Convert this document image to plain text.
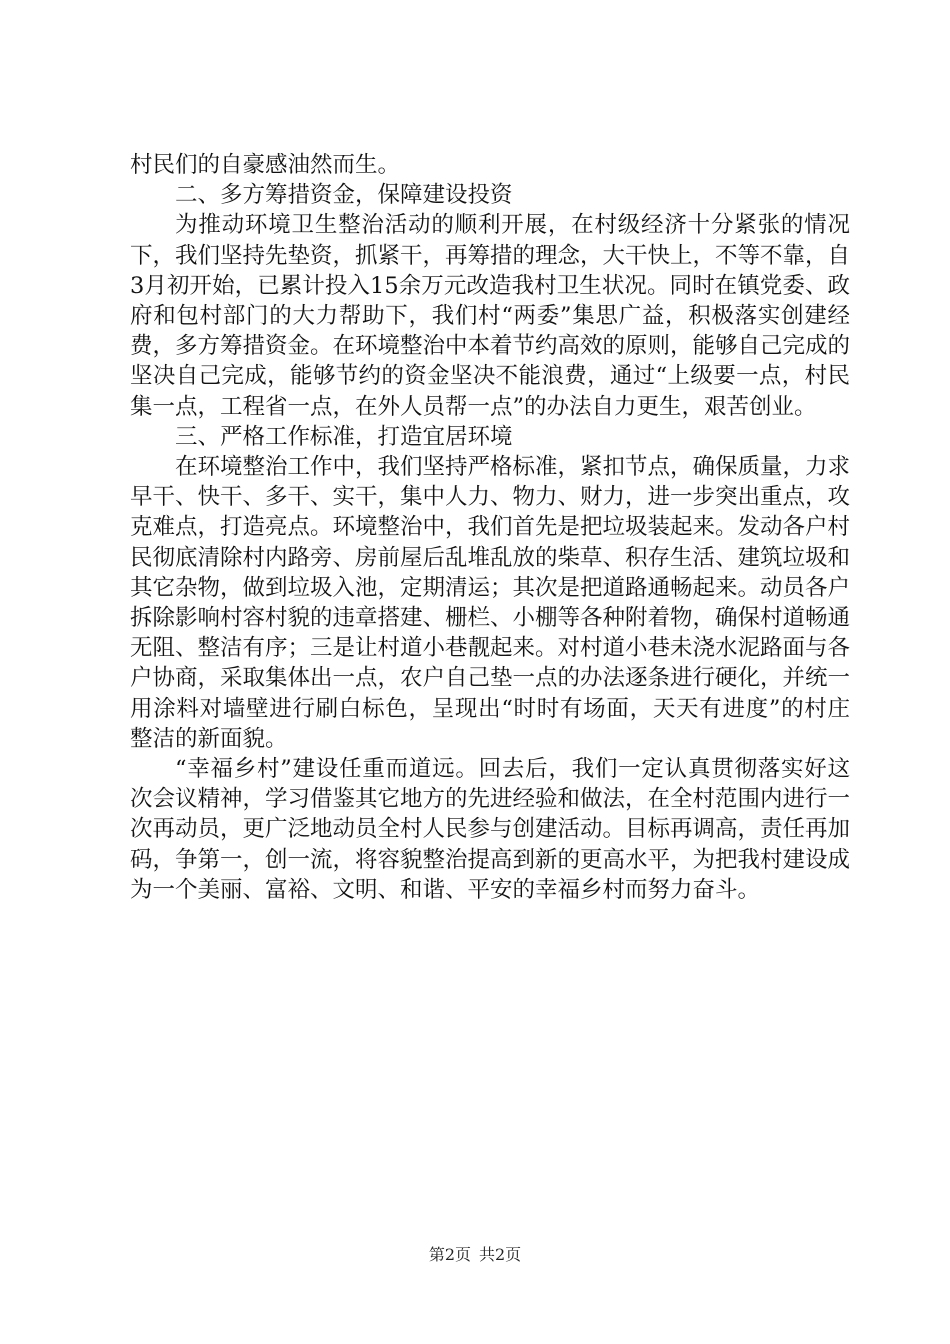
村民们的自豪感油然而生。

二、多方筹措资金，保障建设投资

为推动环境卫生整治活动的顺利开展，在村级经济十分紧张的情况下，我们坚持先垫资，抓紧干，再筹措的理念，大干快上，不等不靠，自3月初开始，已累计投入15余万元改造我村卫生状况。同时在镇党委、政府和包村部门的大力帮助下，我们村“两委”集思广益，积极落实创建经费，多方筹措资金。在环境整治中本着节约高效的原则，能够自己完成的坚决自己完成，能够节约的资金坚决不能浪费，通过“上级要一点，村民集一点，工程省一点，在外人员帮一点”的办法自力更生，艰苦创业。

三、严格工作标准，打造宜居环境

在环境整治工作中，我们坚持严格标准，紧扣节点，确保质量，力求早干、快干、多干、实干，集中人力、物力、财力，进一步突出重点，攻克难点，打造亮点。环境整治中，我们首先是把垃圾装起来。发动各户村民彻底清除村内路旁、房前屋后乱堆乱放的柴草、积存生活、建筑垃圾和其它杂物，做到垃圾入池，定期清运；其次是把道路通畅起来。动员各户拆除影响村容村貌的违章搭建、栅栏、小棚等各种附着物，确保村道畅通无阻、整洁有序；三是让村道小巷靓起来。对村道小巷未浇水泥路面与各户协商，采取集体出一点，农户自己垫一点的办法逐条进行硬化，并统一用涂料对墙壁进行刷白标色，呈现出“时时有场面，天天有进度”的村庄整洁的新面貌。

“幸福乡村”建设任重而道远。回去后，我们一定认真贯彻落实好这次会议精神，学习借鉴其它地方的先进经验和做法，在全村范围内进行一次再动员，更广泛地动员全村人民参与创建活动。目标再调高，责任再加码，争第一，创一流，将容貌整治提高到新的更高水平，为把我村建设成为一个美丽、富裕、文明、和谐、平安的幸福乡村而努力奋斗。

第2页 共2页
